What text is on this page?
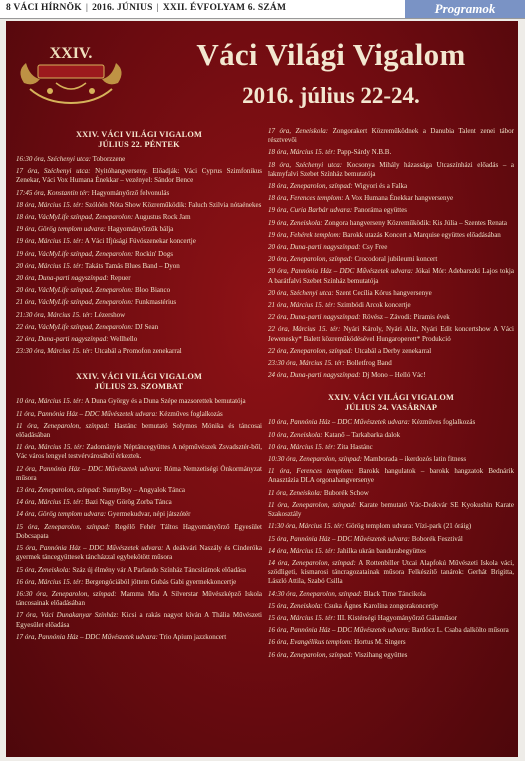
8 VÁCI HÍRNÖK | 2016. JÚNIUS | XXII. ÉVFOLYAM 6. SZÁM	Programok
XXIV.	Váci Világi Vigalom
2016. július 22-24.
XXIV. VÁCI VILÁGI VIGALOM
JÚLIUS 22. PÉNTEK
16:30 óra, Széchenyi utca: Toborzzene
17 óra, Széchenyi utca: Nyitóhangverseny. Előadják: Váci Cyprus Szimfonikus Zenekar, Váci Vox Humana Énekkar – vezényel: Sándor Bence
17:45 óra, Konstantin tér: Hagyományőrző felvonulás
18 óra, Március 15. tér: Szólóén Nóta Show Közreműködik: Faluch Szilvia nótaénekes
18 óra, VácMyLife színpad, Zeneparolon: Augustus Rock Jam
19 óra, Görög templom udvara: Hagyományőrzők bálja
19 óra, Március 15. tér: A Váci Ifjúsági Fúvószenekar koncertje
19 óra, VácMyLife színpad, Zeneparolon: Rockin' Dogs
20 óra, Március 15. tér: Takáts Tamás Blues Band – Dyon
20 óra, Duna-parti nagyszínpad: Repuer
20 óra, VácMyLife színpad, Zeneparolon: Bloo Bianco
21 óra, VácMyLife színpad, Zeneparolon: Funkmastérius
21:30 óra, Március 15. tér: Lézershow
22 óra, VácMyLife színpad, Zeneparolon: DJ Sean
22 óra, Duna-parti nagyszínpad: Wellhello
23:30 óra, Március 15. tér: Utcabál a Promofon zenekarral
XXIV. VÁCI VILÁGI VIGALOM
JÚLIUS 23. SZOMBAT
10 óra, Március 15. tér: A Duna György és a Duna Szépe mazsorettek bemutatója
11 óra, Pannónia Ház – DDC Művészetek udvara: Kézműves foglalkozás
11 óra, Zeneparolon, színpad: Hastánc bemutató Solymos Mónika és táncosai előadásában
11 óra, Március 15. tér: Zadományie Néptáncegyüttes A népművészek Zsvadsztér-ből, Vác város lengyel testvérvárosából érkeztek.
12 óra, Pannónia Ház – DDC Művészetek udvara: Róma Nemzetiségi Önkormányzat műsora
13 óra, Zeneparolon, színpad: SunnyBoy – Angyalok Tánca
14 óra, Március 15. tér: Bazi Nagy Görög Zorba Tánca
14 óra, Görög templom udvara: Gyermekudvar, népi játszótér
15 óra, Zeneparolon, színpad: Regélő Fehér Táltos Hagyományőrző Egyesület Dobcsapata
15 óra, Pannónia Ház – DDC Művészetek udvara: A deákvári Naszály és Cinderóka gyermek táncegyüttesek táncházzal egybekötött műsora
15 óra, Zeneiskola: Száz új élmény vár A Parlando Színház Táncsitámok előadása
16 óra, Március 15. tér: Bergengóciából jöttem Gubás Gabi gyermekkoncertje
16:30 óra, Zeneparolon, színpad: Mamma Mia A Silverstar Művészképző Iskola táncosainak előadásában
17 óra, Váci Dunakanyar Színház: Kicsi a rakás nagyot kíván A Thália Művészeti Egyesület előadása
17 óra, Pannónia Ház – DDC Művészetek udvara: Trio Apium jazzkoncert
17 óra, Zeneiskola: Zongorakert Közreműködnek a Danubia Talent zenei tábor résztvevői
18 óra, Március 15. tér: Papp-Sárdy N.B.B.
18 óra, Széchenyi utca: Kocsonya Mihály házassága Utcaszínházi előadás – a lakmyfalvi Szebet Színház bemutatója
18 óra, Zeneparolon, színpad: Wigyori és a Falka
18 óra, Ferences templom: A Vox Humana Énekkar hangversenye
19 óra, Curia Barbár udvara: Panoráma együttes
19 óra, Zeneiskola: Zongora hangverseny Közreműködik: Kis Júlia – Szentes Renata
19 óra, Fehérek templom: Barokk utazás Koncert a Marquise együttes előadásában
20 óra, Duna-parti nagyszínpad: Csy Free
20 óra, Zeneparolon, színpad: Crocodoral jubileumi koncert
20 óra, Pannónia Ház – DDC Művészetek udvara: Jókai Mór: Adebarszki Lajos tokja A barátfalvi Szebet Színház bemutatója
20 óra, Széchenyi utca: Szent Cecília Kórus hangversenye
21 óra, Március 15. tér: Szimbódi Arcok koncertje
22 óra, Duna-parti nagyszínpad: Rövész – Závodi: Piramis évek
22 óra, Március 15. tér: Nyári Károly, Nyári Aliz, Nyári Edit koncertshow A Váci Jewenesky* Balett közreműködésével Hungaroperett* Produkció
22 óra, Zeneparolon, színpad: Utcabál a Derby zenekarral
23:30 óra, Március 15. tér: Bolletfrog Band
24 óra, Duna-parti nagyszínpad: Dj Mono – Helló Vác!
XXIV. VÁCI VILÁGI VIGALOM
JÚLIUS 24. VASÁRNAP
10 óra, Pannónia Ház – DDC Művészetek udvara: Kézműves foglalkozás
10 óra, Zeneiskola: Katanő – Tarkabarka dalok
10 óra, Március 15. tér: Zita Hastánc
10:30 óra, Zeneparolon, színpad: Mamborada – ikerdozós latin fitness
11 óra, Ferences templom: Barokk hangulatok – barokk hangzatok Bednárik Anasztázia DLA orgonahangversenye
11 óra, Zeneiskola: Buborék Schow
11 óra, Zeneparolon, színpad: Karate bemutató Vác-Deákvár SE Kyokushin Karate Szakosztály
11:30 óra, Március 15. tér: Görög templom udvara: Vízi-park (21 óráig)
15 óra, Pannónia Ház – DDC Művészetek udvara: Boborék Fesztivál
14 óra, Március 15. tér: Jahilka ukrán bandurabegyüttes
14 óra, Zeneparolon, színpad: A Rottenbiller Utcai Alapfokú Művészeti Iskola váci, szödligeti, kismarosi táncragozatainak műsora Felkészítő tanárok: Gerhát Brigitta, László Attila, Szabó Csilla
14:30 óra, Zeneparolon, színpad: Black Time Táncikola
15 óra, Zeneiskola: Csuka Ágnes Karolina zongorakoncertje
15 óra, Március 15. tér: III. Kistérségi Hagyományőrző Gálaműsor
16 óra, Pannónia Ház – DDC Művészetek udvara: Bardócz L. Csaba dalkölto műsora
16 óra, Evangélikus templom: Hortus M. Singers
16 óra, Zeneparolon, színpad: Viszihang együttes
